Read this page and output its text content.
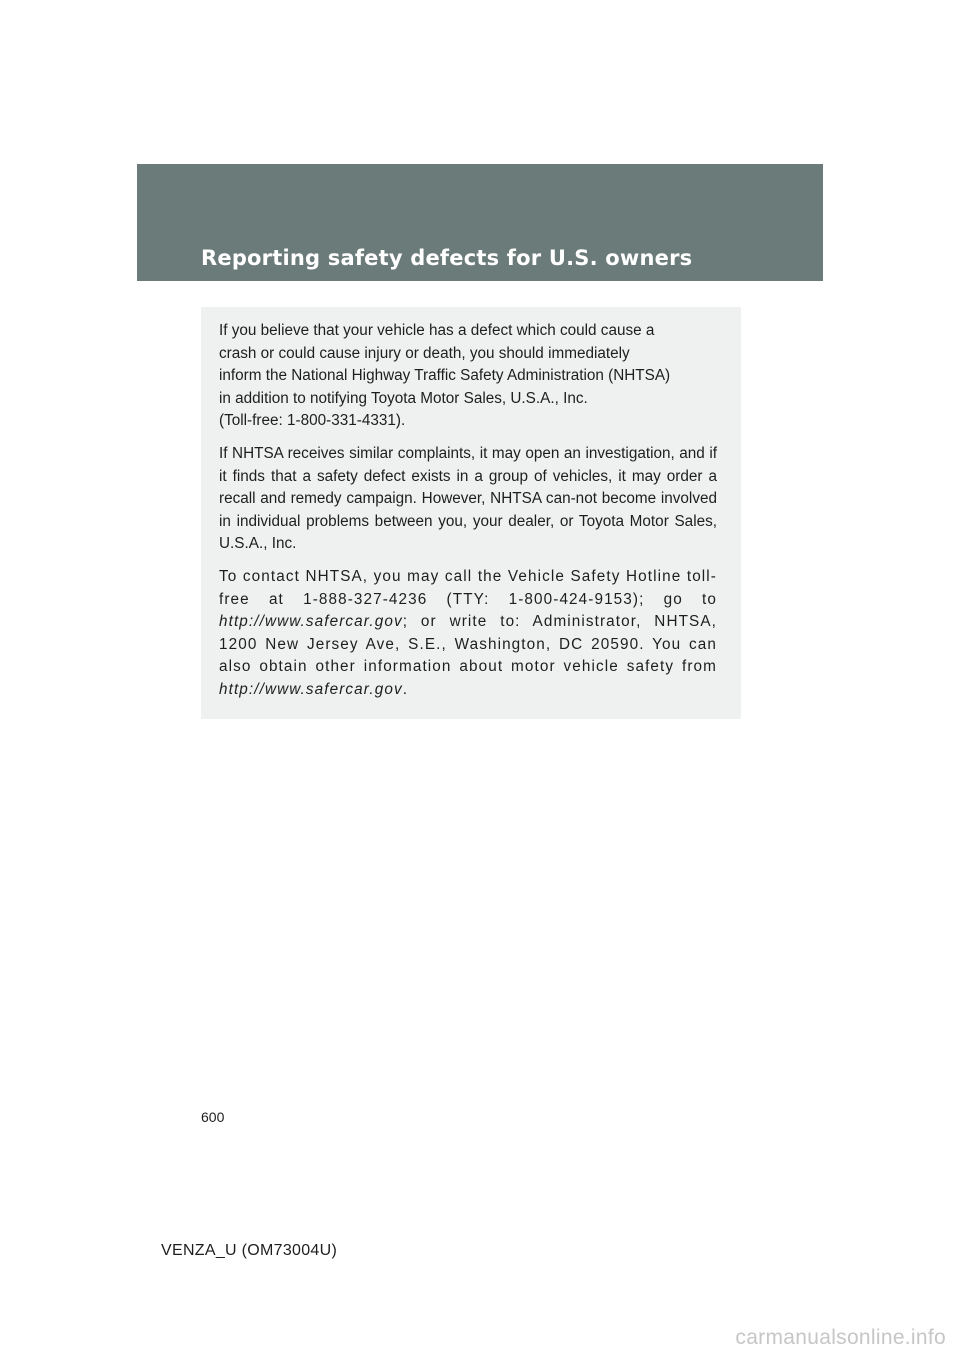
Reporting safety defects for U.S. owners

If you believe that your vehicle has a defect which could cause a
crash or could cause injury or death, you should immediately
inform the National Highway Traffic Safety Administration (NHTSA)
in addition to notifying Toyota Motor Sales, U.S.A., Inc.
(Toll-free: 1-800-331-4331).

If NHTSA receives similar complaints, it may open an investigation, and if it finds that a safety defect exists in a group of vehicles, it may order a recall and remedy campaign. However, NHTSA can-not become involved in individual problems between you, your dealer, or Toyota Motor Sales, U.S.A., Inc.

To contact NHTSA, you may call the Vehicle Safety Hotline toll-free at 1-888-327-4236 (TTY: 1-800-424-9153); go to http://www.safercar.gov; or write to: Administrator, NHTSA, 1200 New Jersey Ave, S.E., Washington, DC 20590. You can also obtain other information about motor vehicle safety from http://www.safercar.gov.

600
VENZA_U (OM73004U)
carmanualsonline.info
